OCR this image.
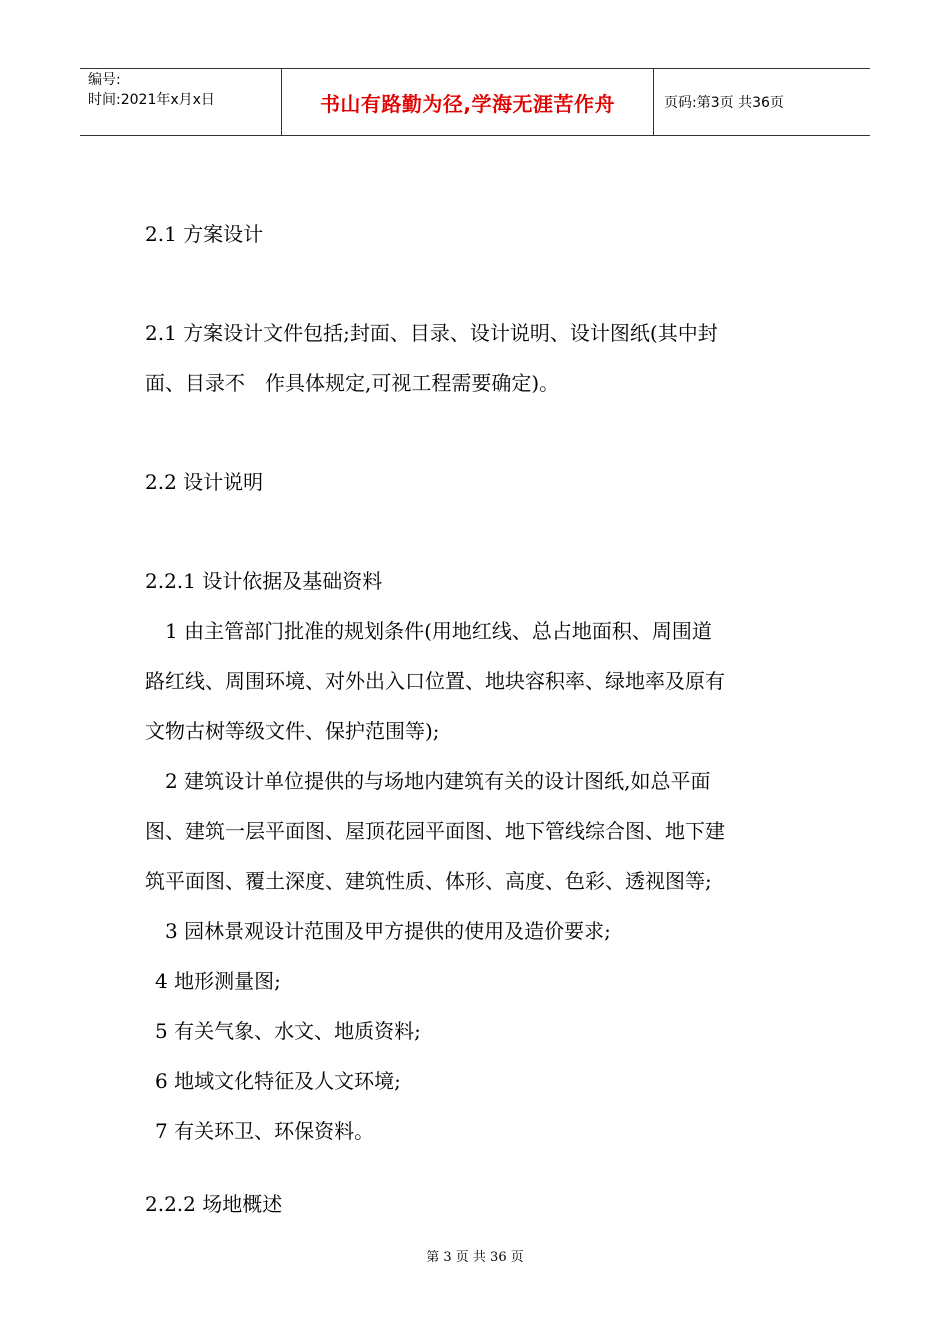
编号:
时间:2021年x月x日	书山有路勤为径,学海无涯苦作舟	页码:第3页 共36页
2.1 方案设计
2.1 方案设计文件包括;封面、目录、设计说明、设计图纸(其中封
面、目录不　作具体规定,可视工程需要确定)。
2.2 设计说明
2.2.1 设计依据及基础资料
1 由主管部门批准的规划条件(用地红线、总占地面积、周围道
路红线、周围环境、对外出入口位置、地块容积率、绿地率及原有
文物古树等级文件、保护范围等);
2 建筑设计单位提供的与场地内建筑有关的设计图纸,如总平面
图、建筑一层平面图、屋顶花园平面图、地下管线综合图、地下建
筑平面图、覆土深度、建筑性质、体形、高度、色彩、透视图等;
3 园林景观设计范围及甲方提供的使用及造价要求;
4 地形测量图;
5 有关气象、水文、地质资料;
6 地域文化特征及人文环境;
7 有关环卫、环保资料。
2.2.2 场地概述
第 3 页 共 36 页
